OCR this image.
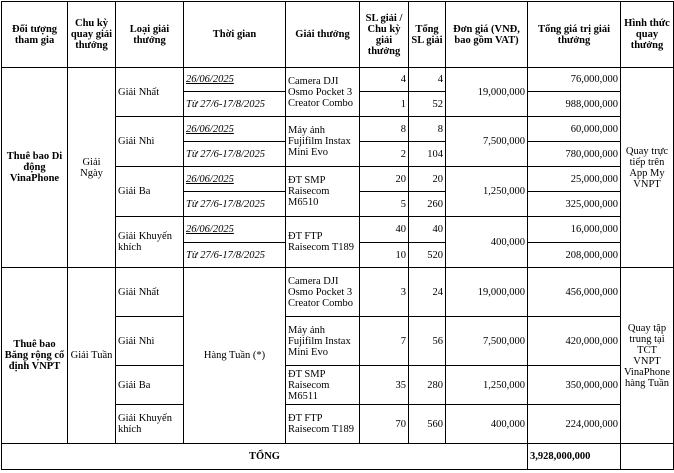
Đối tượng tham gia	Chu kỳ quay giải thưởng	Loại giải thưởng	Thời gian	Giải thưởng	SL giải / Chu kỳ giải thưởng	Tổng SL giải	Đơn giá (VNĐ, bao gồm VAT)	Tổng giá trị giải thưởng	Hình thức quay thưởng
Thuê bao Di động VinaPhone	Giải Ngày	Giải Nhất	26/06/2025	Camera DJI Osmo Pocket 3 Creator Combo	4	4	19,000,000	76,000,000	Quay trực tiếp trên App My VNPT
			Từ 27/6-17/8/2025		1	52		988,000,000	
		Giải Nhì	26/06/2025	Máy ảnh Fujifilm Instax Mini Evo	8	8	7,500,000	60,000,000	
			Từ 27/6-17/8/2025		2	104		780,000,000	
		Giải Ba	26/06/2025	ĐT SMP Raisecom M6510	20	20	1,250,000	25,000,000	
			Từ 27/6-17/8/2025		5	260		325,000,000	
		Giải Khuyến khích	26/06/2025	ĐT FTP Raisecom T189	40	40	400,000	16,000,000	
			Từ 27/6-17/8/2025		10	520		208,000,000	
Thuê bao Băng rộng cố định VNPT	Giải Tuần	Giải Nhất	Hàng Tuần (*)	Camera DJI Osmo Pocket 3 Creator Combo	3	24	19,000,000	456,000,000	Quay tập trung tại TCT VNPT VinaPhone hàng Tuần
		Giải Nhì		Máy ảnh Fujifilm Instax Mini Evo	7	56	7,500,000	420,000,000	
		Giải Ba		ĐT SMP Raisecom M6511	35	280	1,250,000	350,000,000	
		Giải Khuyến khích		ĐT FTP Raisecom T189	70	560	400,000	224,000,000	
TỔNG								3,928,000,000	
